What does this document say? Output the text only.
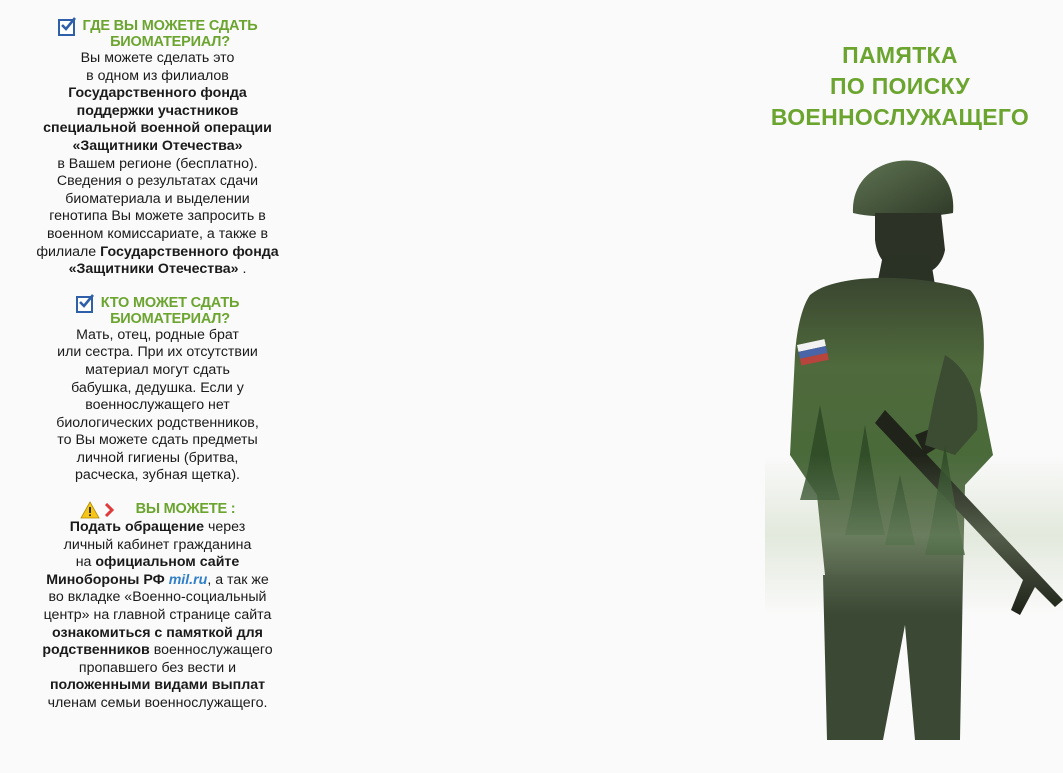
ГДЕ ВЫ МОЖЕТЕ СДАТЬ
БИОМАТЕРИАЛ?
Вы можете сделать это
в одном из филиалов
Государственного фонда
поддержки участников
специальной военной операции
«Защитники Отечества»
в Вашем регионе (бесплатно).
Сведения о результатах сдачи
биоматериала и выделении
генотипа Вы можете запросить в
военном комиссариате, а также в
филиале Государственного фонда
«Защитники Отечества» .
КТО МОЖЕТ СДАТЬ
БИОМАТЕРИАЛ?
Мать, отец, родные брат
или сестра. При их отсутствии
материал могут сдать
бабушка, дедушка. Если у
военнослужащего нет
биологических родственников,
то Вы можете сдать предметы
личной гигиены (бритва,
расческа, зубная щетка).
ВЫ МОЖЕТЕ :
Подать обращение через
личный кабинет гражданина
на официальном сайте
Минобороны РФ mil.ru, а так же
во вкладке «Военно-социальный
центр» на главной странице сайта
ознакомиться с памяткой для
родственников военнослужащего
пропавшего без вести и
положенными видами выплат
членам семьи военнослужащего.
ПАМЯТКА
ПО ПОИСКУ
ВОЕННОСЛУЖАЩЕГО
